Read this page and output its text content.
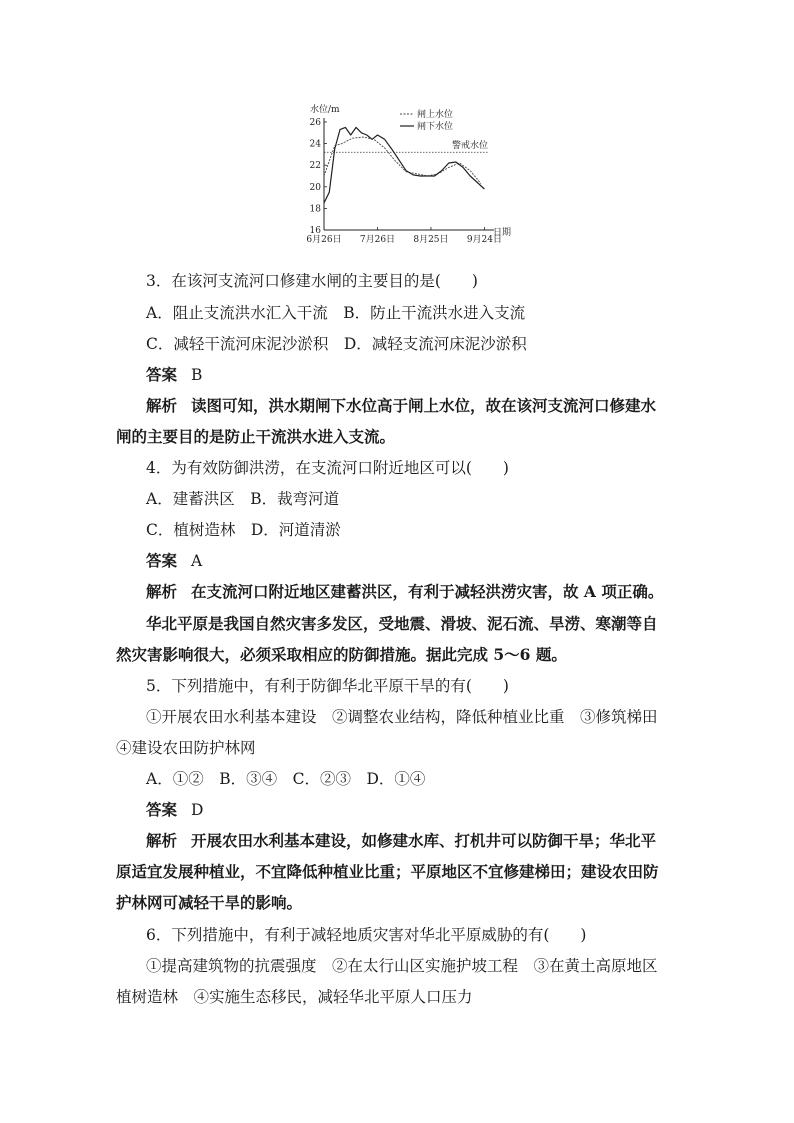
16
18
20
22
24
26
6月26日 7月26日 8月25日 9月24日
水位/m
日期
警戒水位
闸上水位
闸下水位
3．在该河支流河口修建水闸的主要目的是(　　)
A．阻止支流洪水汇入干流　B．防止干流洪水进入支流
C．减轻干流河床泥沙淤积　D．减轻支流河床泥沙淤积
答案 B
解析 读图可知，洪水期闸下水位高于闸上水位，故在该河支流河口修建水
闸的主要目的是防止干流洪水进入支流。
4．为有效防御洪涝，在支流河口附近地区可以(　　)
A．建蓄洪区　B．裁弯河道
C．植树造林　D．河道清淤
答案 A
解析 在支流河口附近地区建蓄洪区，有利于减轻洪涝灾害，故 A 项正确。
华北平原是我国自然灾害多发区，受地震、滑坡、泥石流、旱涝、寒潮等自
然灾害影响很大，必须采取相应的防御措施。据此完成 5～6 题。
5．下列措施中，有利于防御华北平原干旱的有(　　)
①开展农田水利基本建设　②调整农业结构，降低种植业比重　③修筑梯田
④建设农田防护林网
A．①②　B．③④　C．②③　D．①④
答案 D
解析 开展农田水利基本建设，如修建水库、打机井可以防御干旱；华北平
原适宜发展种植业，不宜降低种植业比重；平原地区不宜修建梯田；建设农田防
护林网可减轻干旱的影响。
6．下列措施中，有利于减轻地质灾害对华北平原威胁的有(　　)
①提高建筑物的抗震强度　②在太行山区实施护坡工程　③在黄土高原地区
植树造林　④实施生态移民，减轻华北平原人口压力
